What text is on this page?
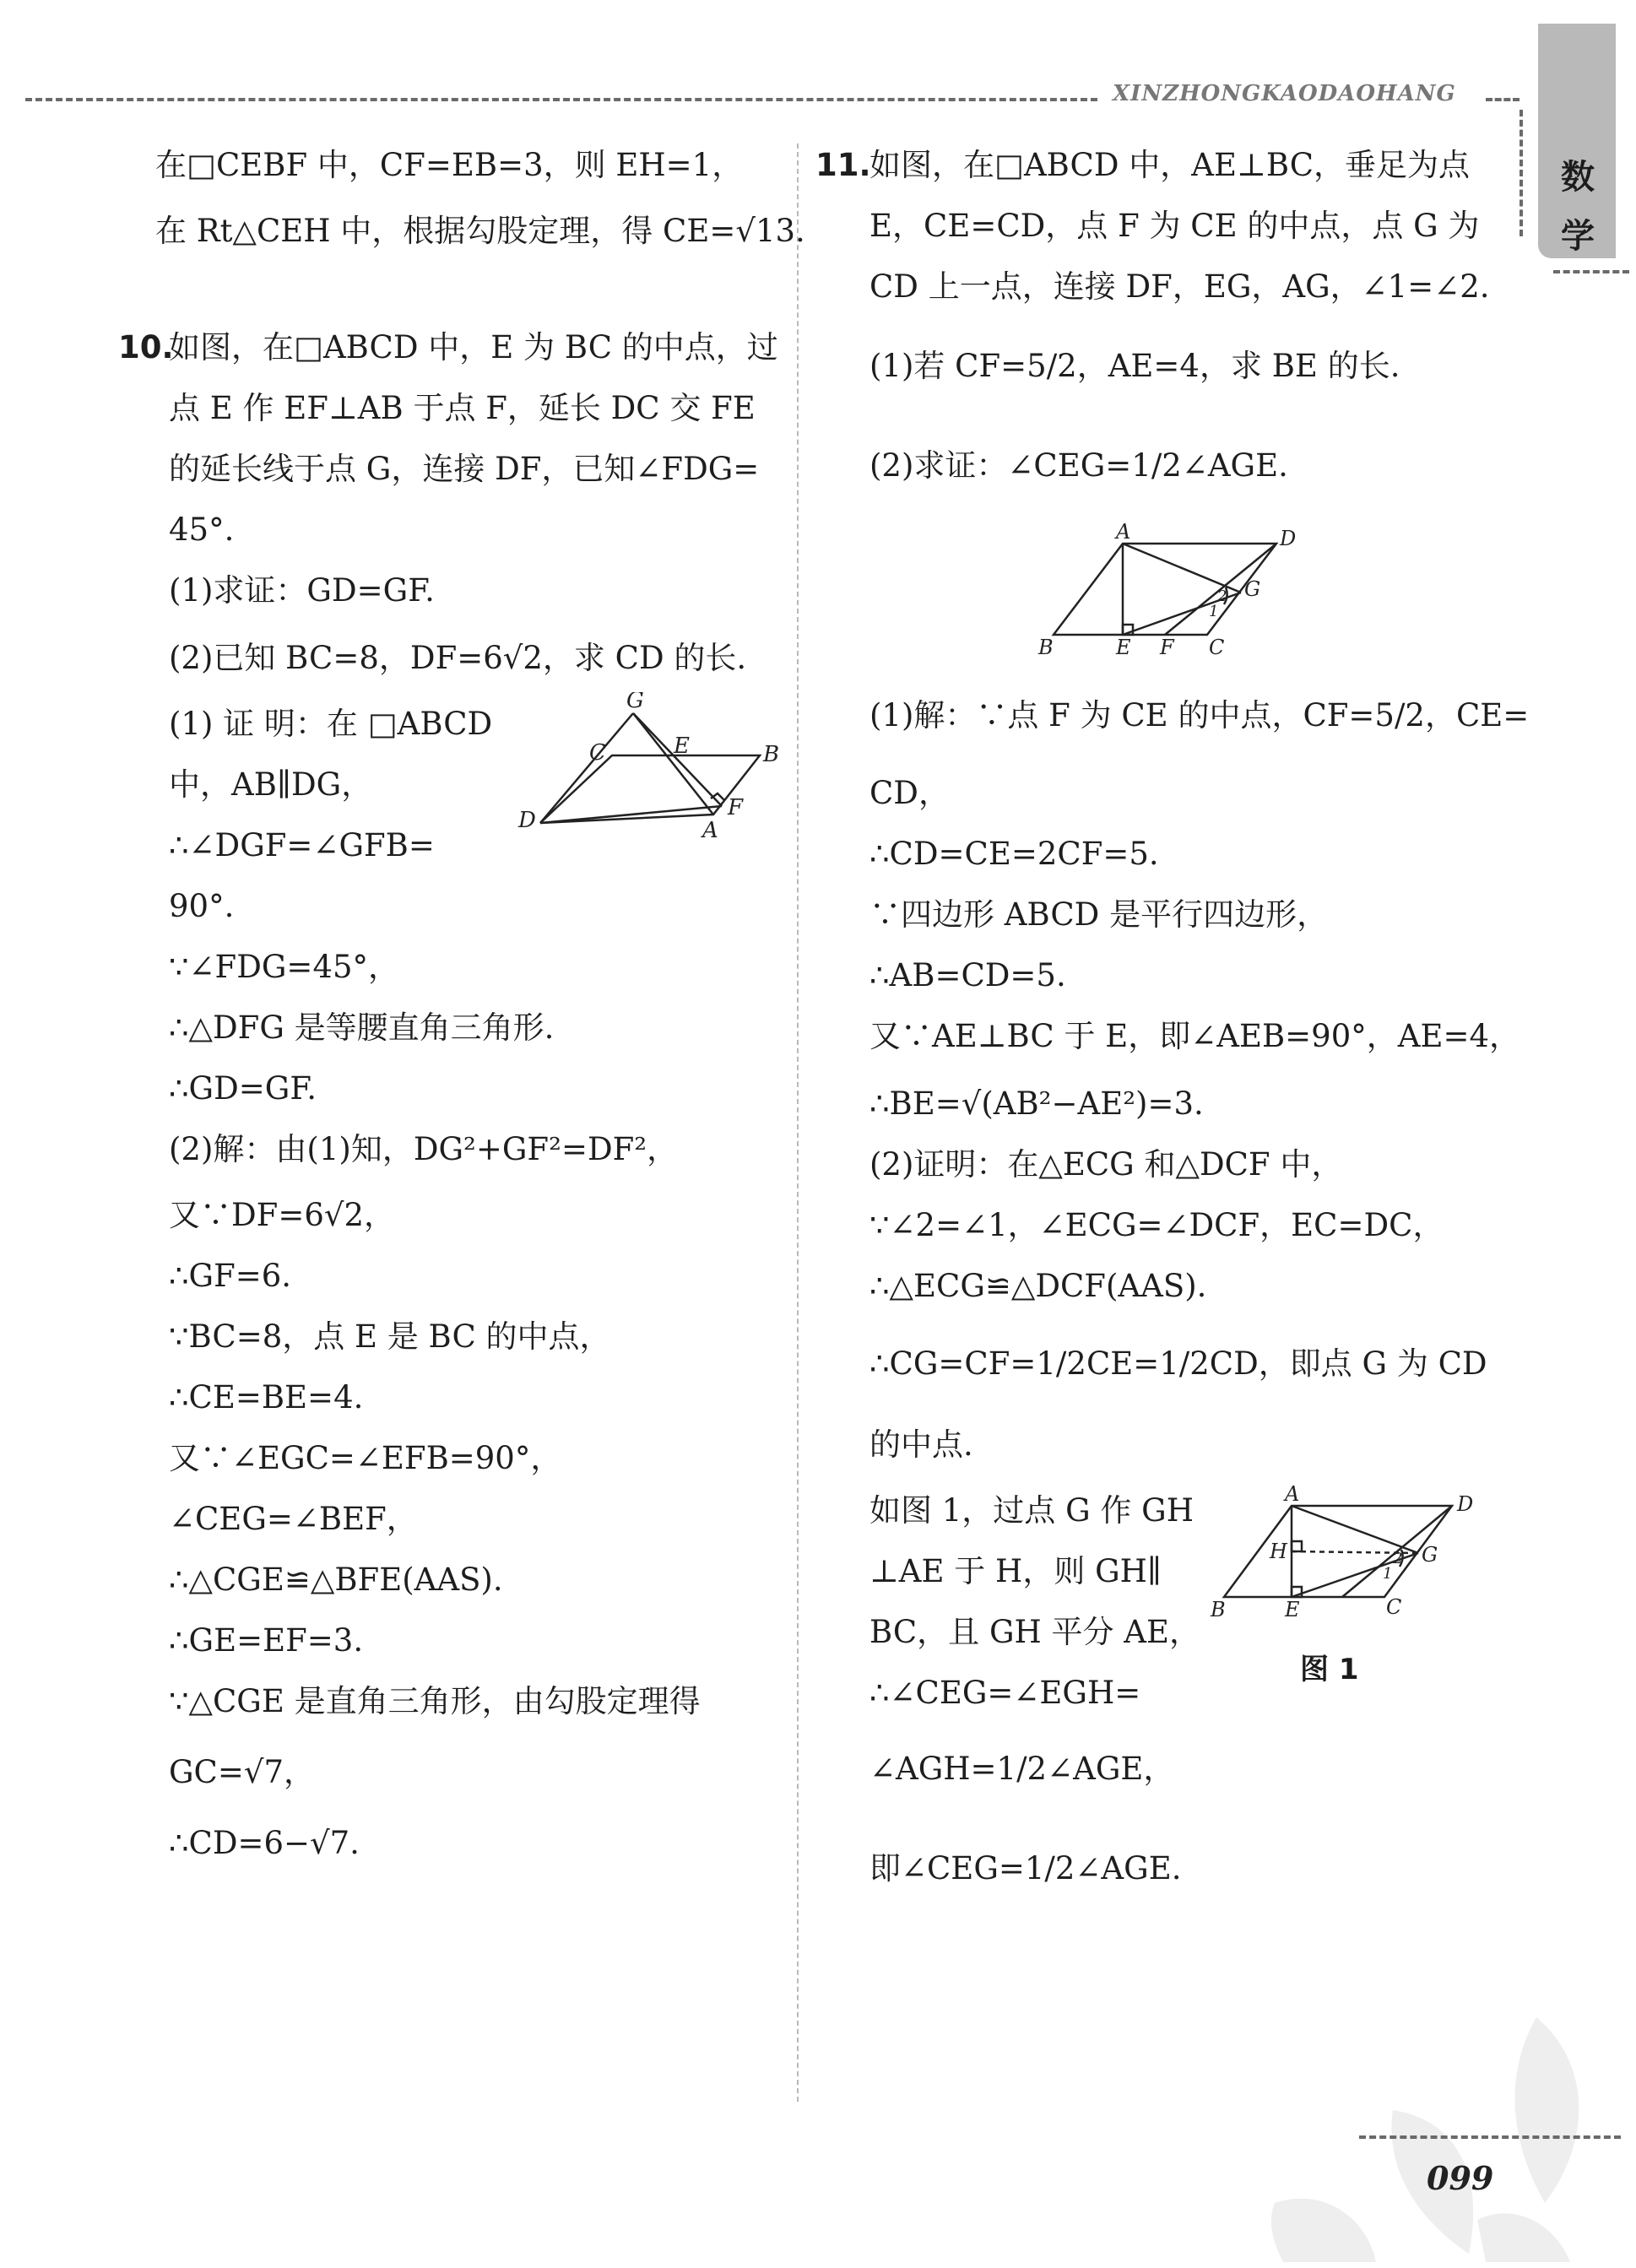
XINZHONGKAODAOHANG
数
学
在□CEBF 中，CF=EB=3，则 EH=1，
在 Rt△CEH 中，根据勾股定理，得 CE=√13.
10.
如图，在□ABCD 中，E 为 BC 的中点，过
点 E 作 EF⊥AB 于点 F，延长 DC 交 FE
的延长线于点 G，连接 DF，已知∠FDG=
45°.
(1)求证：GD=GF.
(2)已知 BC=8，DF=6√2，求 CD 的长.
(1) 证 明：在 □ABCD
中，AB∥DG，
∴∠DGF=∠GFB=
90°.
∵∠FDG=45°，
∴△DFG 是等腰直角三角形.
∴GD=GF.
(2)解：由(1)知，DG²+GF²=DF²，
又∵DF=6√2，
∴GF=6.
∵BC=8，点 E 是 BC 的中点，
∴CE=BE=4.
又∵∠EGC=∠EFB=90°，
∠CEG=∠BEF，
∴△CGE≌△BFE(AAS).
∴GE=EF=3.
∵△CGE 是直角三角形，由勾股定理得
GC=√7，
∴CD=6−√7.
G
C	E	B
D	F
A
11.
如图，在□ABCD 中，AE⊥BC，垂足为点
E，CE=CD，点 F 为 CE 的中点，点 G 为
CD 上一点，连接 DF，EG，AG，∠1=∠2.
(1)若 CF=5/2，AE=4，求 BE 的长.
(2)求证：∠CEG=1/2∠AGE.
A	D
G
B	E F C
1
2
(1)解：∵点 F 为 CE 的中点，CF=5/2，CE=
CD，
∴CD=CE=2CF=5.
∵四边形 ABCD 是平行四边形，
∴AB=CD=5.
又∵AE⊥BC 于 E，即∠AEB=90°，AE=4，
∴BE=√(AB²−AE²)=3.
(2)证明：在△ECG 和△DCF 中，
∵∠2=∠1，∠ECG=∠DCF，EC=DC，
∴△ECG≌△DCF(AAS).
∴CG=CF=1/2CE=1/2CD，即点 G 为 CD
的中点.
如图 1，过点 G 作 GH
⊥AE 于 H，则 GH∥
BC，且 GH 平分 AE，
∴∠CEG=∠EGH=
∠AGH=1/2∠AGE，
即∠CEG=1/2∠AGE.
A	D
H	G
B	E	C
1
2
图 1
099
